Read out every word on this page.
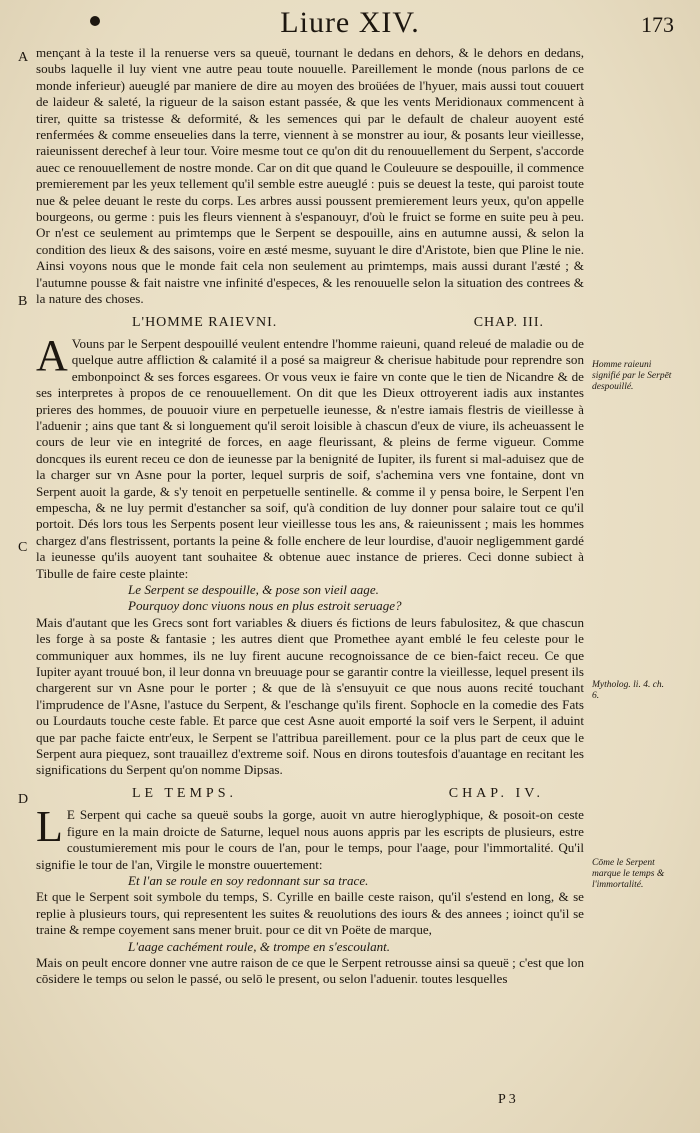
Liure XIV.	173
A
B
C
D
Homme raieuni signifié par le Serpēt despouillé.
Mytholog. li. 4. ch. 6.
Cōme le Serpent marque le temps & l'immortalité.

mençant à la teste il la renuerse vers sa queuë, tournant le dedans en dehors, & le dehors en dedans, soubs laquelle il luy vient vne autre peau toute nouuelle. Pareillement le monde (nous parlons de ce monde inferieur) aueuglé par maniere de dire au moyen des broüées de l'hyuer, mais aussi tout couuert de laideur & saleté, la rigueur de la saison estant passée, & que les vents Meridionaux commencent à tirer, quitte sa tristesse & deformité, & les semences qui par le default de chaleur auoyent esté renfermées & comme enseuelies dans la terre, viennent à se monstrer au iour, & posants leur vieillesse, raieunissent derechef à leur tour. Voire mesme tout ce qu'on dit du renouuellement du Serpent, s'accorde auec ce renouuellement de nostre monde. Car on dit que quand le Couleuure se despouille, il commence premierement par les yeux tellement qu'il semble estre aueuglé : puis se deuest la teste, qui paroist toute nue & pelee deuant le reste du corps. Les arbres aussi poussent premierement leurs yeux, qu'on appelle bourgeons, ou germe : puis les fleurs viennent à s'espanouyr, d'où le fruict se forme en suite peu à peu. Or n'est ce seulement au primtemps que le Serpent se despouille, ains en autumne aussi, & selon la condition des lieux & des saisons, voire en æsté mesme, suyuant le dire d'Aristote, bien que Pline le nie. Ainsi voyons nous que le monde fait cela non seulement au primtemps, mais aussi durant l'æsté ; & l'autumne pousse & fait naistre vne infinité d'especes, & les renouuelle selon la situation des contrees & la nature des choses.

L'HOMME RAIEVNI.	CHAP. III.

AVouns par le Serpent despouillé veulent entendre l'homme raieuni, quand releué de maladie ou de quelque autre affliction & calamité il a posé sa maigreur & cherisue habitude pour reprendre son embonpoinct & ses forces esgarees. Or vous veux ie faire vn conte que le tien de Nicandre & de ses interpretes à propos de ce renouuellement. On dit que les Dieux ottroyerent iadis aux instantes prieres des hommes, de pouuoir viure en perpetuelle ieunesse, & n'estre iamais flestris de vieillesse à l'aduenir ; ains que tant & si longuement qu'il seroit loisible à chascun d'eux de viure, ils acheuassent le cours de leur vie en integrité de forces, en aage fleurissant, & pleins de ferme vigueur. Comme doncques ils eurent receu ce don de ieunesse par la benignité de Iupiter, ils furent si mal-aduisez que de la charger sur vn Asne pour la porter, lequel surpris de soif, s'achemina vers vne fontaine, dont vn Serpent auoit la garde, & s'y tenoit en perpetuelle sentinelle. & comme il y pensa boire, le Serpent l'en empescha, & ne luy permit d'estancher sa soif, qu'à condition de luy donner pour salaire tout ce qu'il portoit. Dés lors tous les Serpents posent leur vieillesse tous les ans, & raieunissent ; mais les hommes chargez d'ans flestrissent, portants la peine & folle enchere de leur lourdise, d'auoir negligemment gardé la ieunesse qu'ils auoyent tant souhaitee & obtenue auec instance de prieres. Ceci donne subiect à Tibulle de faire ceste plainte:

Le Serpent se despouille, & pose son vieil aage.

Pourquoy donc viuons nous en plus estroit seruage?

Mais d'autant que les Grecs sont fort variables & diuers és fictions de leurs fabulositez, & que chascun les forge à sa poste & fantasie ; les autres dient que Promethee ayant emblé le feu celeste pour le communiquer aux hommes, ils ne luy firent aucune recognoissance de ce bien-faict receu. Ce que Iupiter ayant trouué bon, il leur donna vn breuuage pour se garantir contre la vieillesse, lequel present ils chargerent sur vn Asne pour le porter ; & que de là s'ensuyuit ce que nous auons recité touchant l'imprudence de l'Asne, l'astuce du Serpent, & l'eschange qu'ils firent. Sophocle en la comedie des Fats ou Lourdauts touche ceste fable. Et parce que cest Asne auoit emporté la soif vers le Serpent, il aduint que par pache faicte entr'eux, le Serpent se l'attribua pareillement. pour ce la plus part de ceux que le Serpent aura piequez, sont trauaillez d'extreme soif. Nous en dirons toutesfois d'auantage en recitant les significations du Serpent qu'on nomme Dipsas.

LE TEMPS.	CHAP. IV.

LE Serpent qui cache sa queuë soubs la gorge, auoit vn autre hieroglyphique, & posoit-on ceste figure en la main droicte de Saturne, lequel nous auons appris par les escripts de plusieurs, estre coustumierement mis pour le cours de l'an, pour le temps, pour l'aage, pour l'immortalité. Qu'il signifie le tour de l'an, Virgile le monstre ouuertement:

Et l'an se roule en soy redonnant sur sa trace.

Et que le Serpent soit symbole du temps, S. Cyrille en baille ceste raison, qu'il s'estend en long, & se replie à plusieurs tours, qui representent les suites & reuolutions des iours & des annees ; ioinct qu'il se traine & rempe coyement sans mener bruit. pour ce dit vn Poëte de marque,

L'aage cachément roule, & trompe en s'escoulant.

Mais on peult encore donner vne autre raison de ce que le Serpent retrousse ainsi sa queuë ; c'est que lon cōsidere le temps ou selon le passé, ou selō le present, ou selon l'aduenir. toutes lesquelles

P 3
